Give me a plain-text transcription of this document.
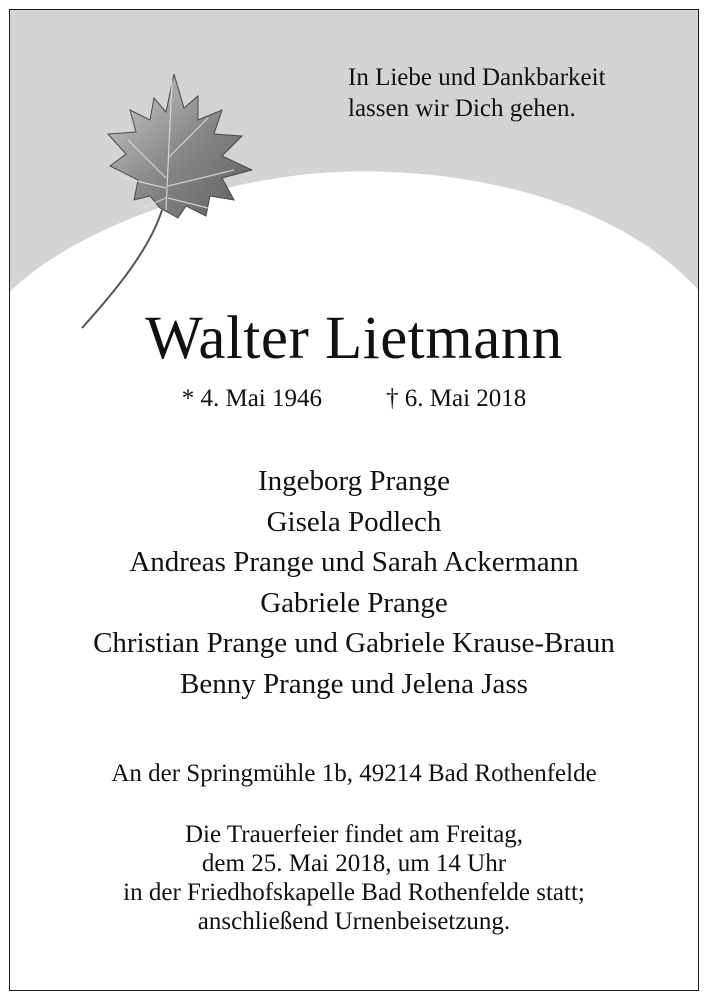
In Liebe und Dankbarkeit
lassen wir Dich gehen.
Walter Lietmann
* 4. Mai 1946	† 6. Mai 2018
Ingeborg Prange
Gisela Podlech
Andreas Prange und Sarah Ackermann
Gabriele Prange
Christian Prange und Gabriele Krause-Braun
Benny Prange und Jelena Jass
An der Springmühle 1b, 49214 Bad Rothenfelde
Die Trauerfeier findet am Freitag,
dem 25. Mai 2018, um 14 Uhr
in der Friedhofskapelle Bad Rothenfelde statt;
anschließend Urnenbeisetzung.
